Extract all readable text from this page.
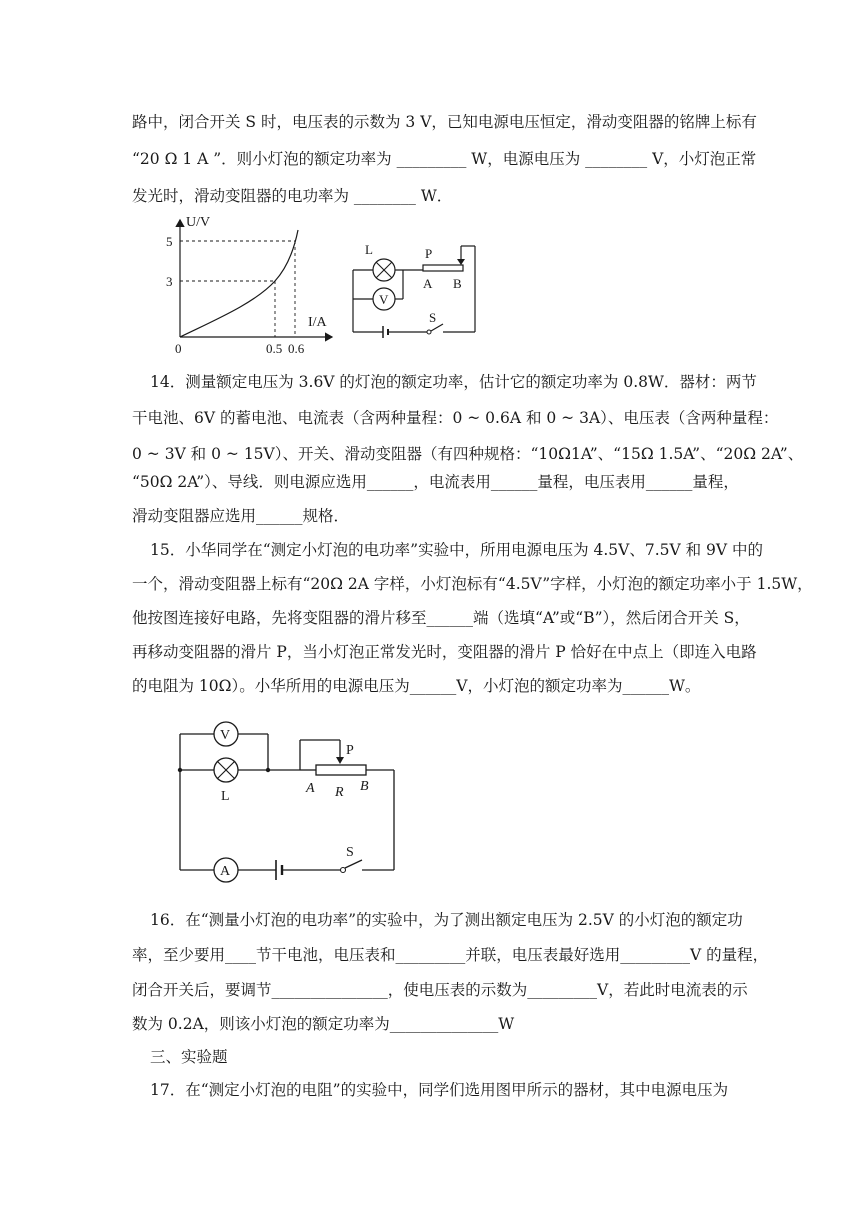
路中，闭合开关 S 时，电压表的示数为 3 V，已知电源电压恒定，滑动变阻器的铭牌上标有
“20 Ω 1 A ”．则小灯泡的额定功率为 _________ W，电源电压为 ________ V，小灯泡正常
发光时，滑动变阻器的电功率为 ________ W．
U/V
I/A
5
3
0	0.5 0.6
V
L	P
A B
S
14．测量额定电压为 3.6V 的灯泡的额定功率，估计它的额定功率为 0.8W．器材：两节
干电池、6V 的蓄电池、电流表（含两种量程：0 ~ 0.6A 和 0 ~ 3A）、电压表（含两种量程：
0 ~ 3V 和 0 ~ 15V）、开关、滑动变阻器（有四种规格：“10Ω1A”、“15Ω 1.5A”、“20Ω 2A”、
“50Ω 2A”）、导线．则电源应选用______，电流表用______量程，电压表用______量程，
滑动变阻器应选用______规格．
15．小华同学在“测定小灯泡的电功率”实验中，所用电源电压为 4.5V、7.5V 和 9V 中的
一个，滑动变阻器上标有“20Ω 2A 字样，小灯泡标有“4.5V”字样，小灯泡的额定功率小于 1.5W，
他按图连接好电路，先将变阻器的滑片移至______端（选填“A”或“B”），然后闭合开关 S，
再移动变阻器的滑片 P，当小灯泡正常发光时，变阻器的滑片 P 恰好在中点上（即连入电路
的电阻为 10Ω）。小华所用的电源电压为______V，小灯泡的额定功率为______W。
V
L
P
A R B
A
S
16．在“测量小灯泡的电功率”的实验中，为了测出额定电压为 2.5V 的小灯泡的额定功
率，至少要用____节干电池，电压表和_________并联，电压表最好选用_________V 的量程，
闭合开关后，要调节_______________，使电压表的示数为_________V，若此时电流表的示
数为 0.2A，则该小灯泡的额定功率为______________W
三、实验题
17．在“测定小灯泡的电阻”的实验中，同学们选用图甲所示的器材，其中电源电压为
